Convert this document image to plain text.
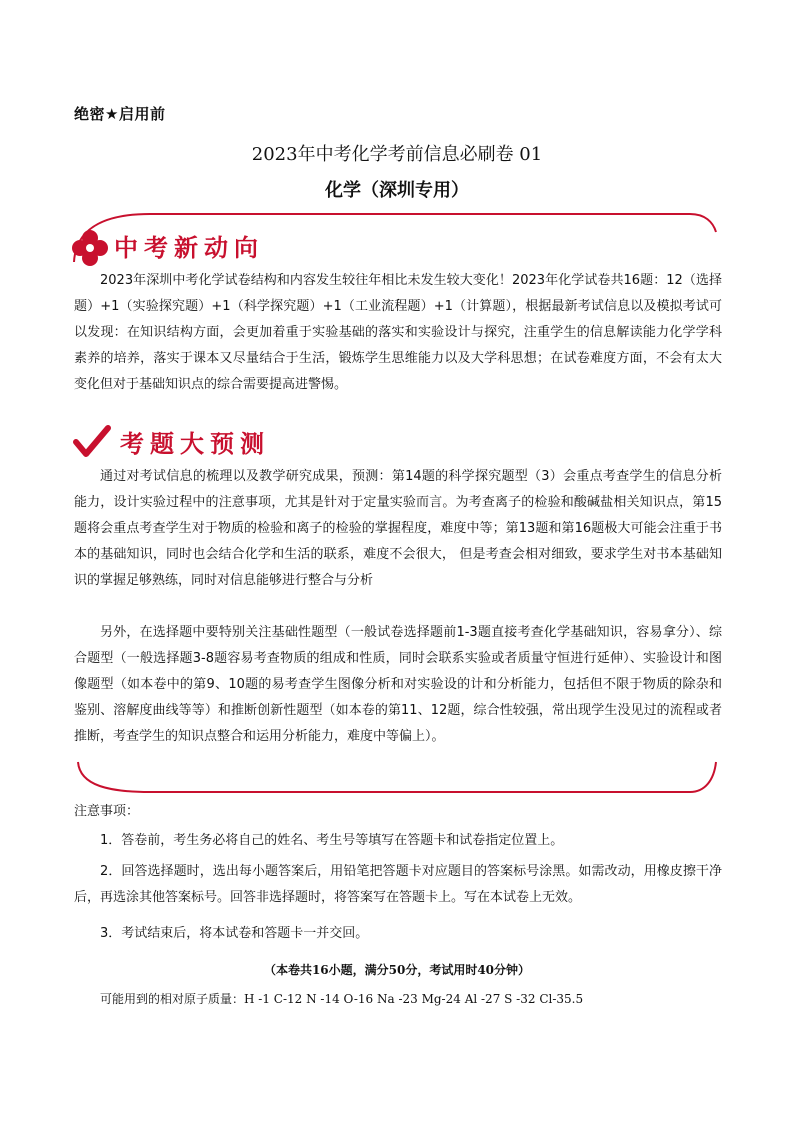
绝密★启用前
2023年中考化学考前信息必刷卷 01
化学（深圳专用）
中考新动向
2023年深圳中考化学试卷结构和内容发生较往年相比未发生较大变化！2023年化学试卷共16题：12（选择题）+1（实验探究题）+1（科学探究题）+1（工业流程题）+1（计算题），根据最新考试信息以及模拟考试可以发现：在知识结构方面，会更加着重于实验基础的落实和实验设计与探究，注重学生的信息解读能力化学学科素养的培养，落实于课本又尽量结合于生活，锻炼学生思维能力以及大学科思想；在试卷难度方面，不会有太大变化但对于基础知识点的综合需要提高进警惕。
考题大预测
通过对考试信息的梳理以及教学研究成果，预测：第14题的科学探究题型（3）会重点考查学生的信息分析能力，设计实验过程中的注意事项，尤其是针对于定量实验而言。为考查离子的检验和酸碱盐相关知识点，第15题将会重点考查学生对于物质的检验和离子的检验的掌握程度，难度中等；第13题和第16题极大可能会注重于书本的基础知识，同时也会结合化学和生活的联系，难度不会很大， 但是考查会相对细致，要求学生对书本基础知识的掌握足够熟练，同时对信息能够进行整合与分析
另外，在选择题中要特别关注基础性题型（一般试卷选择题前1-3题直接考查化学基础知识，容易拿分）、综合题型（一般选择题3-8题容易考查物质的组成和性质，同时会联系实验或者质量守恒进行延伸）、实验设计和图像题型（如本卷中的第9、10题的易考查学生图像分析和对实验设的计和分析能力，包括但不限于物质的除杂和鉴别、溶解度曲线等等）和推断创新性题型（如本卷的第11、12题，综合性较强，常出现学生没见过的流程或者推断，考查学生的知识点整合和运用分析能力，难度中等偏上）。
注意事项：
1．答卷前，考生务必将自己的姓名、考生号等填写在答题卡和试卷指定位置上。
2．回答选择题时，选出每小题答案后，用铅笔把答题卡对应题目的答案标号涂黑。如需改动，用橡皮擦干净后，再选涂其他答案标号。回答非选择题时，将答案写在答题卡上。写在本试卷上无效。
3．考试结束后，将本试卷和答题卡一并交回。
（本卷共16小题，满分50分，考试用时40分钟）
可能用到的相对原子质量：H -1 C-12 N -14 O-16 Na -23 Mg-24 Al -27 S -32 Cl-35.5
